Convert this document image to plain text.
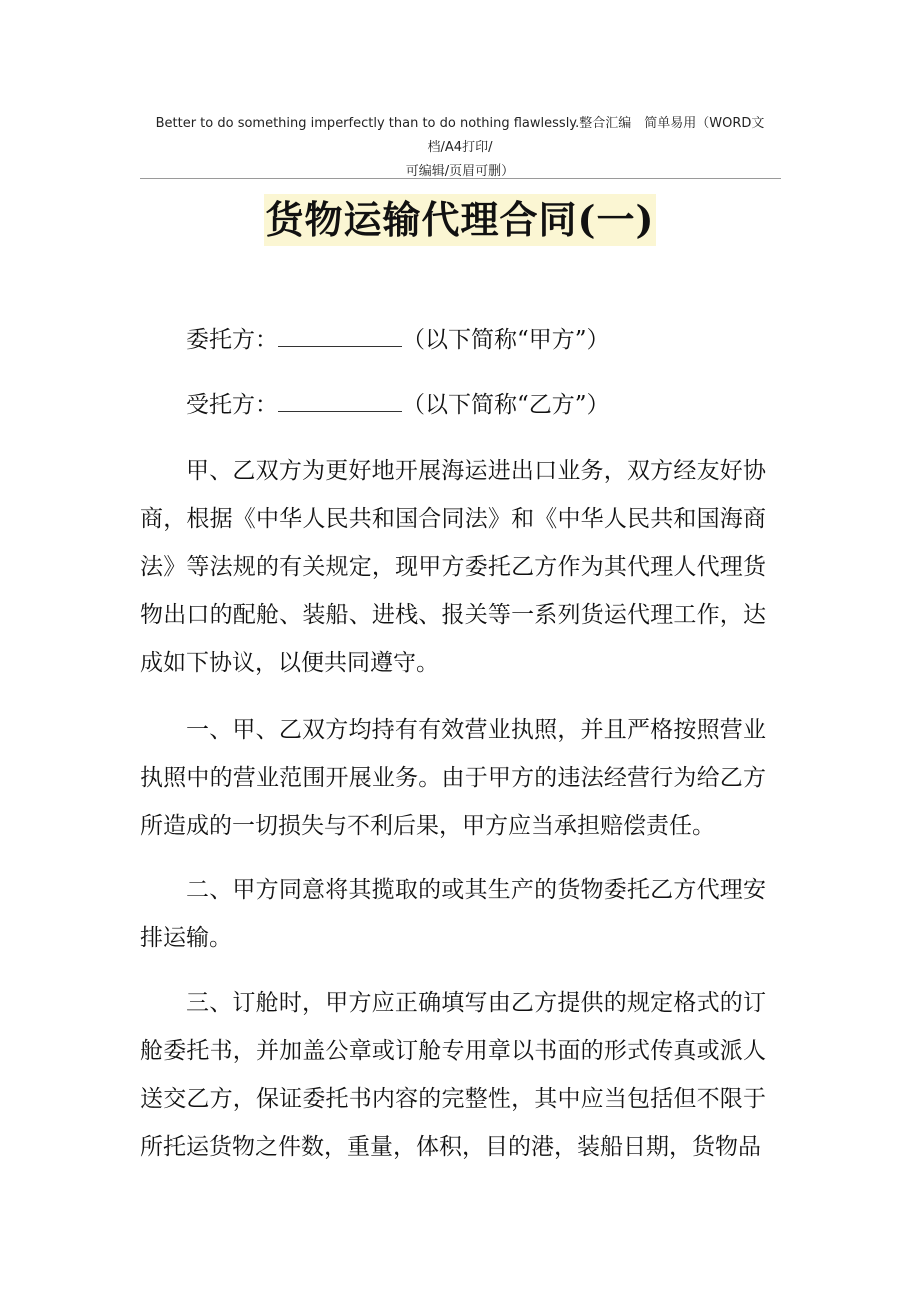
Better to do something imperfectly than to do nothing flawlessly.整合汇编　简单易用（WORD文档/A4打印/
可编辑/页眉可删）
货物运输代理合同(一)

委托方：	（以下简称“甲方”）

受托方：	（以下简称“乙方”）

甲、乙双方为更好地开展海运进出口业务，双方经友好协商，根据《中华人民共和国合同法》和《中华人民共和国海商法》等法规的有关规定，现甲方委托乙方作为其代理人代理货物出口的配舱、装船、进栈、报关等一系列货运代理工作，达成如下协议，以便共同遵守。

一、甲、乙双方均持有有效营业执照，并且严格按照营业执照中的营业范围开展业务。由于甲方的违法经营行为给乙方所造成的一切损失与不利后果，甲方应当承担赔偿责任。

二、甲方同意将其揽取的或其生产的货物委托乙方代理安排运输。

三、订舱时，甲方应正确填写由乙方提供的规定格式的订舱委托书，并加盖公章或订舱专用章以书面的形式传真或派人送交乙方，保证委托书内容的完整性，其中应当包括但不限于所托运货物之件数，重量，体积，目的港，装船日期，货物品
